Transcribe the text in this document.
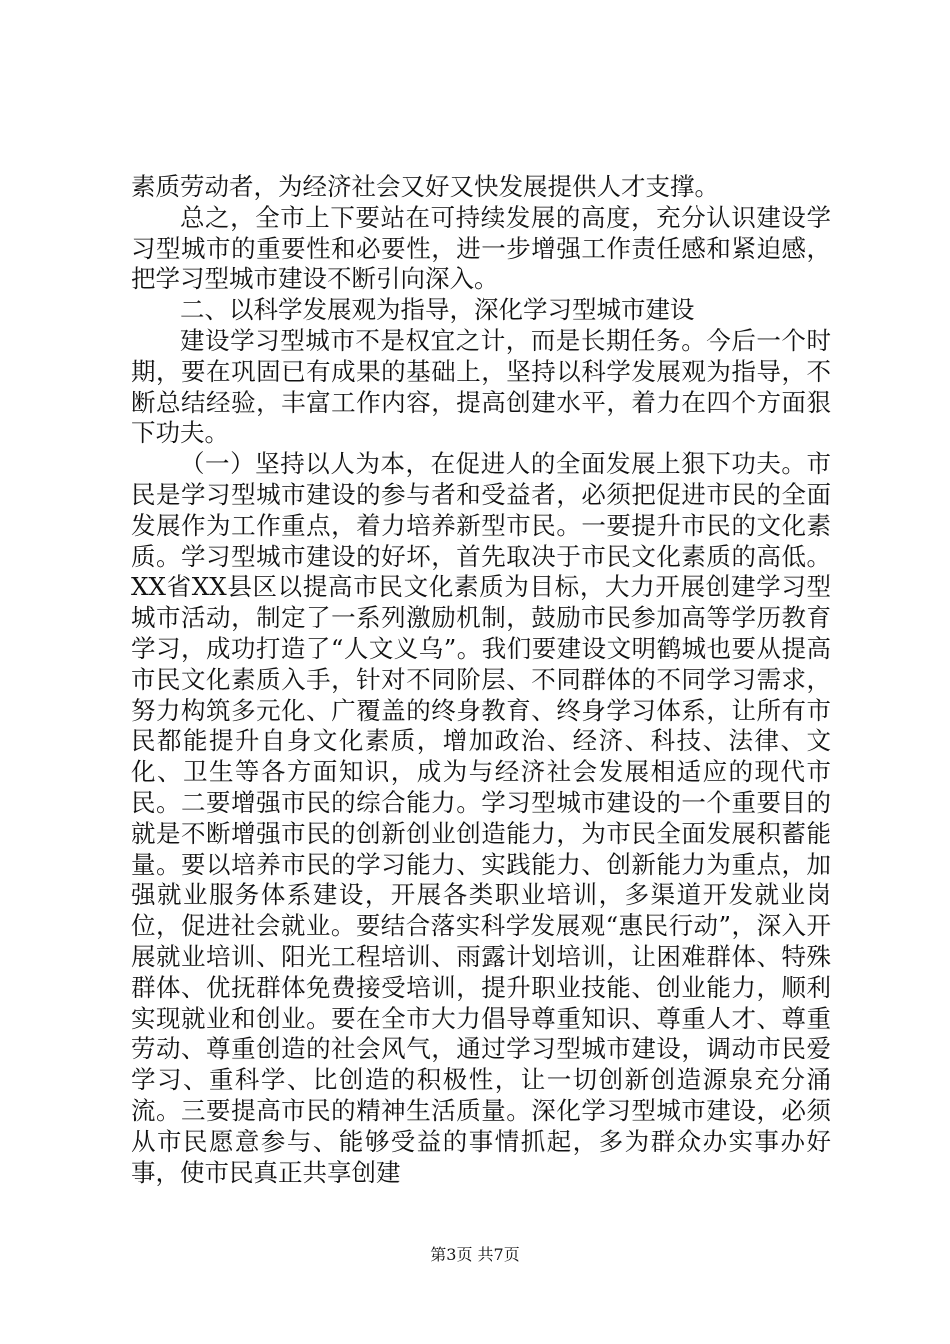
素质劳动者，为经济社会又好又快发展提供人才支撑。

总之，全市上下要站在可持续发展的高度，充分认识建设学习型城市的重要性和必要性，进一步增强工作责任感和紧迫感，把学习型城市建设不断引向深入。

二、以科学发展观为指导，深化学习型城市建设

建设学习型城市不是权宜之计，而是长期任务。今后一个时期，要在巩固已有成果的基础上，坚持以科学发展观为指导，不断总结经验，丰富工作内容，提高创建水平，着力在四个方面狠下功夫。

（一）坚持以人为本，在促进人的全面发展上狠下功夫。市民是学习型城市建设的参与者和受益者，必须把促进市民的全面发展作为工作重点，着力培养新型市民。一要提升市民的文化素质。学习型城市建设的好坏，首先取决于市民文化素质的高低。XX省XX县区以提高市民文化素质为目标，大力开展创建学习型城市活动，制定了一系列激励机制，鼓励市民参加高等学历教育学习，成功打造了“人文义乌”。我们要建设文明鹤城也要从提高市民文化素质入手，针对不同阶层、不同群体的不同学习需求，努力构筑多元化、广覆盖的终身教育、终身学习体系，让所有市民都能提升自身文化素质，增加政治、经济、科技、法律、文化、卫生等各方面知识，成为与经济社会发展相适应的现代市民。二要增强市民的综合能力。学习型城市建设的一个重要目的就是不断增强市民的创新创业创造能力，为市民全面发展积蓄能量。要以培养市民的学习能力、实践能力、创新能力为重点，加强就业服务体系建设，开展各类职业培训，多渠道开发就业岗位，促进社会就业。要结合落实科学发展观“惠民行动”，深入开展就业培训、阳光工程培训、雨露计划培训，让困难群体、特殊群体、优抚群体免费接受培训，提升职业技能、创业能力，顺利实现就业和创业。要在全市大力倡导尊重知识、尊重人才、尊重劳动、尊重创造的社会风气，通过学习型城市建设，调动市民爱学习、重科学、比创造的积极性，让一切创新创造源泉充分涌流。三要提高市民的精神生活质量。深化学习型城市建设，必须从市民愿意参与、能够受益的事情抓起，多为群众办实事办好事，使市民真正共享创建

第3页 共7页
